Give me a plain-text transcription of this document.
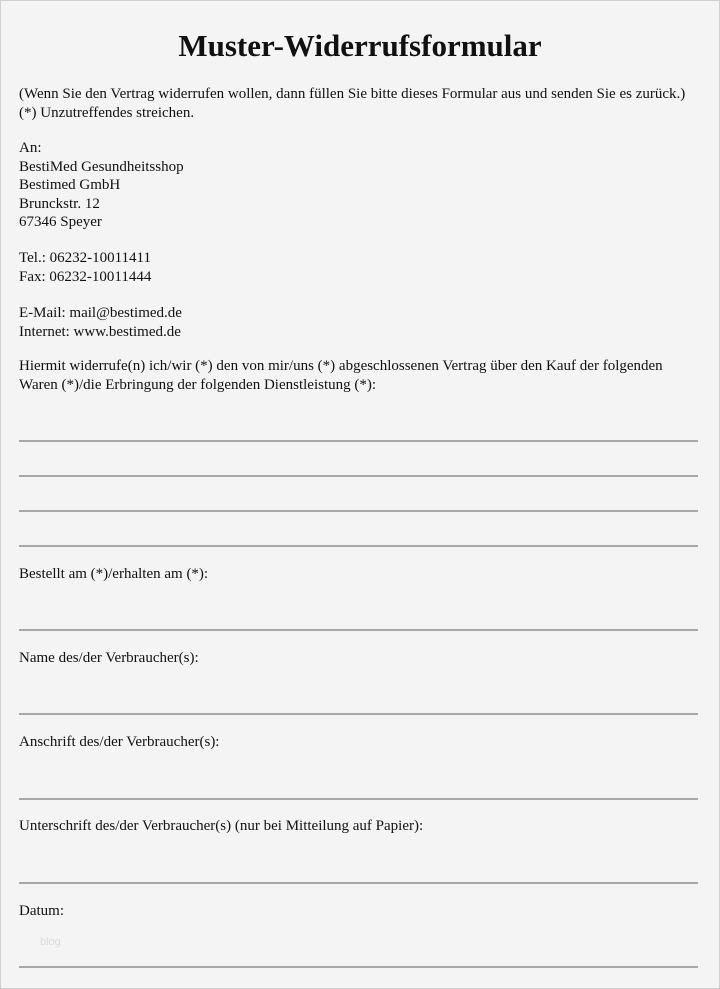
Muster-Widerrufsformular
(Wenn Sie den Vertrag widerrufen wollen, dann füllen Sie bitte dieses Formular aus und senden Sie es zurück.) (*) Unzutreffendes streichen.
An:
BestiMed Gesundheitsshop
Bestimed GmbH
Brunckstr. 12
67346 Speyer
Tel.: 06232-10011411
Fax: 06232-10011444
E-Mail: mail@bestimed.de
Internet: www.bestimed.de
Hiermit widerrufe(n) ich/wir (*) den von mir/uns (*) abgeschlossenen Vertrag über den Kauf der folgenden Waren (*)/die Erbringung der folgenden Dienstleistung (*):
Bestellt am (*)/erhalten am (*):
Name des/der Verbraucher(s):
Anschrift des/der Verbraucher(s):
Unterschrift des/der Verbraucher(s) (nur bei Mitteilung auf Papier):
Datum:
blog
